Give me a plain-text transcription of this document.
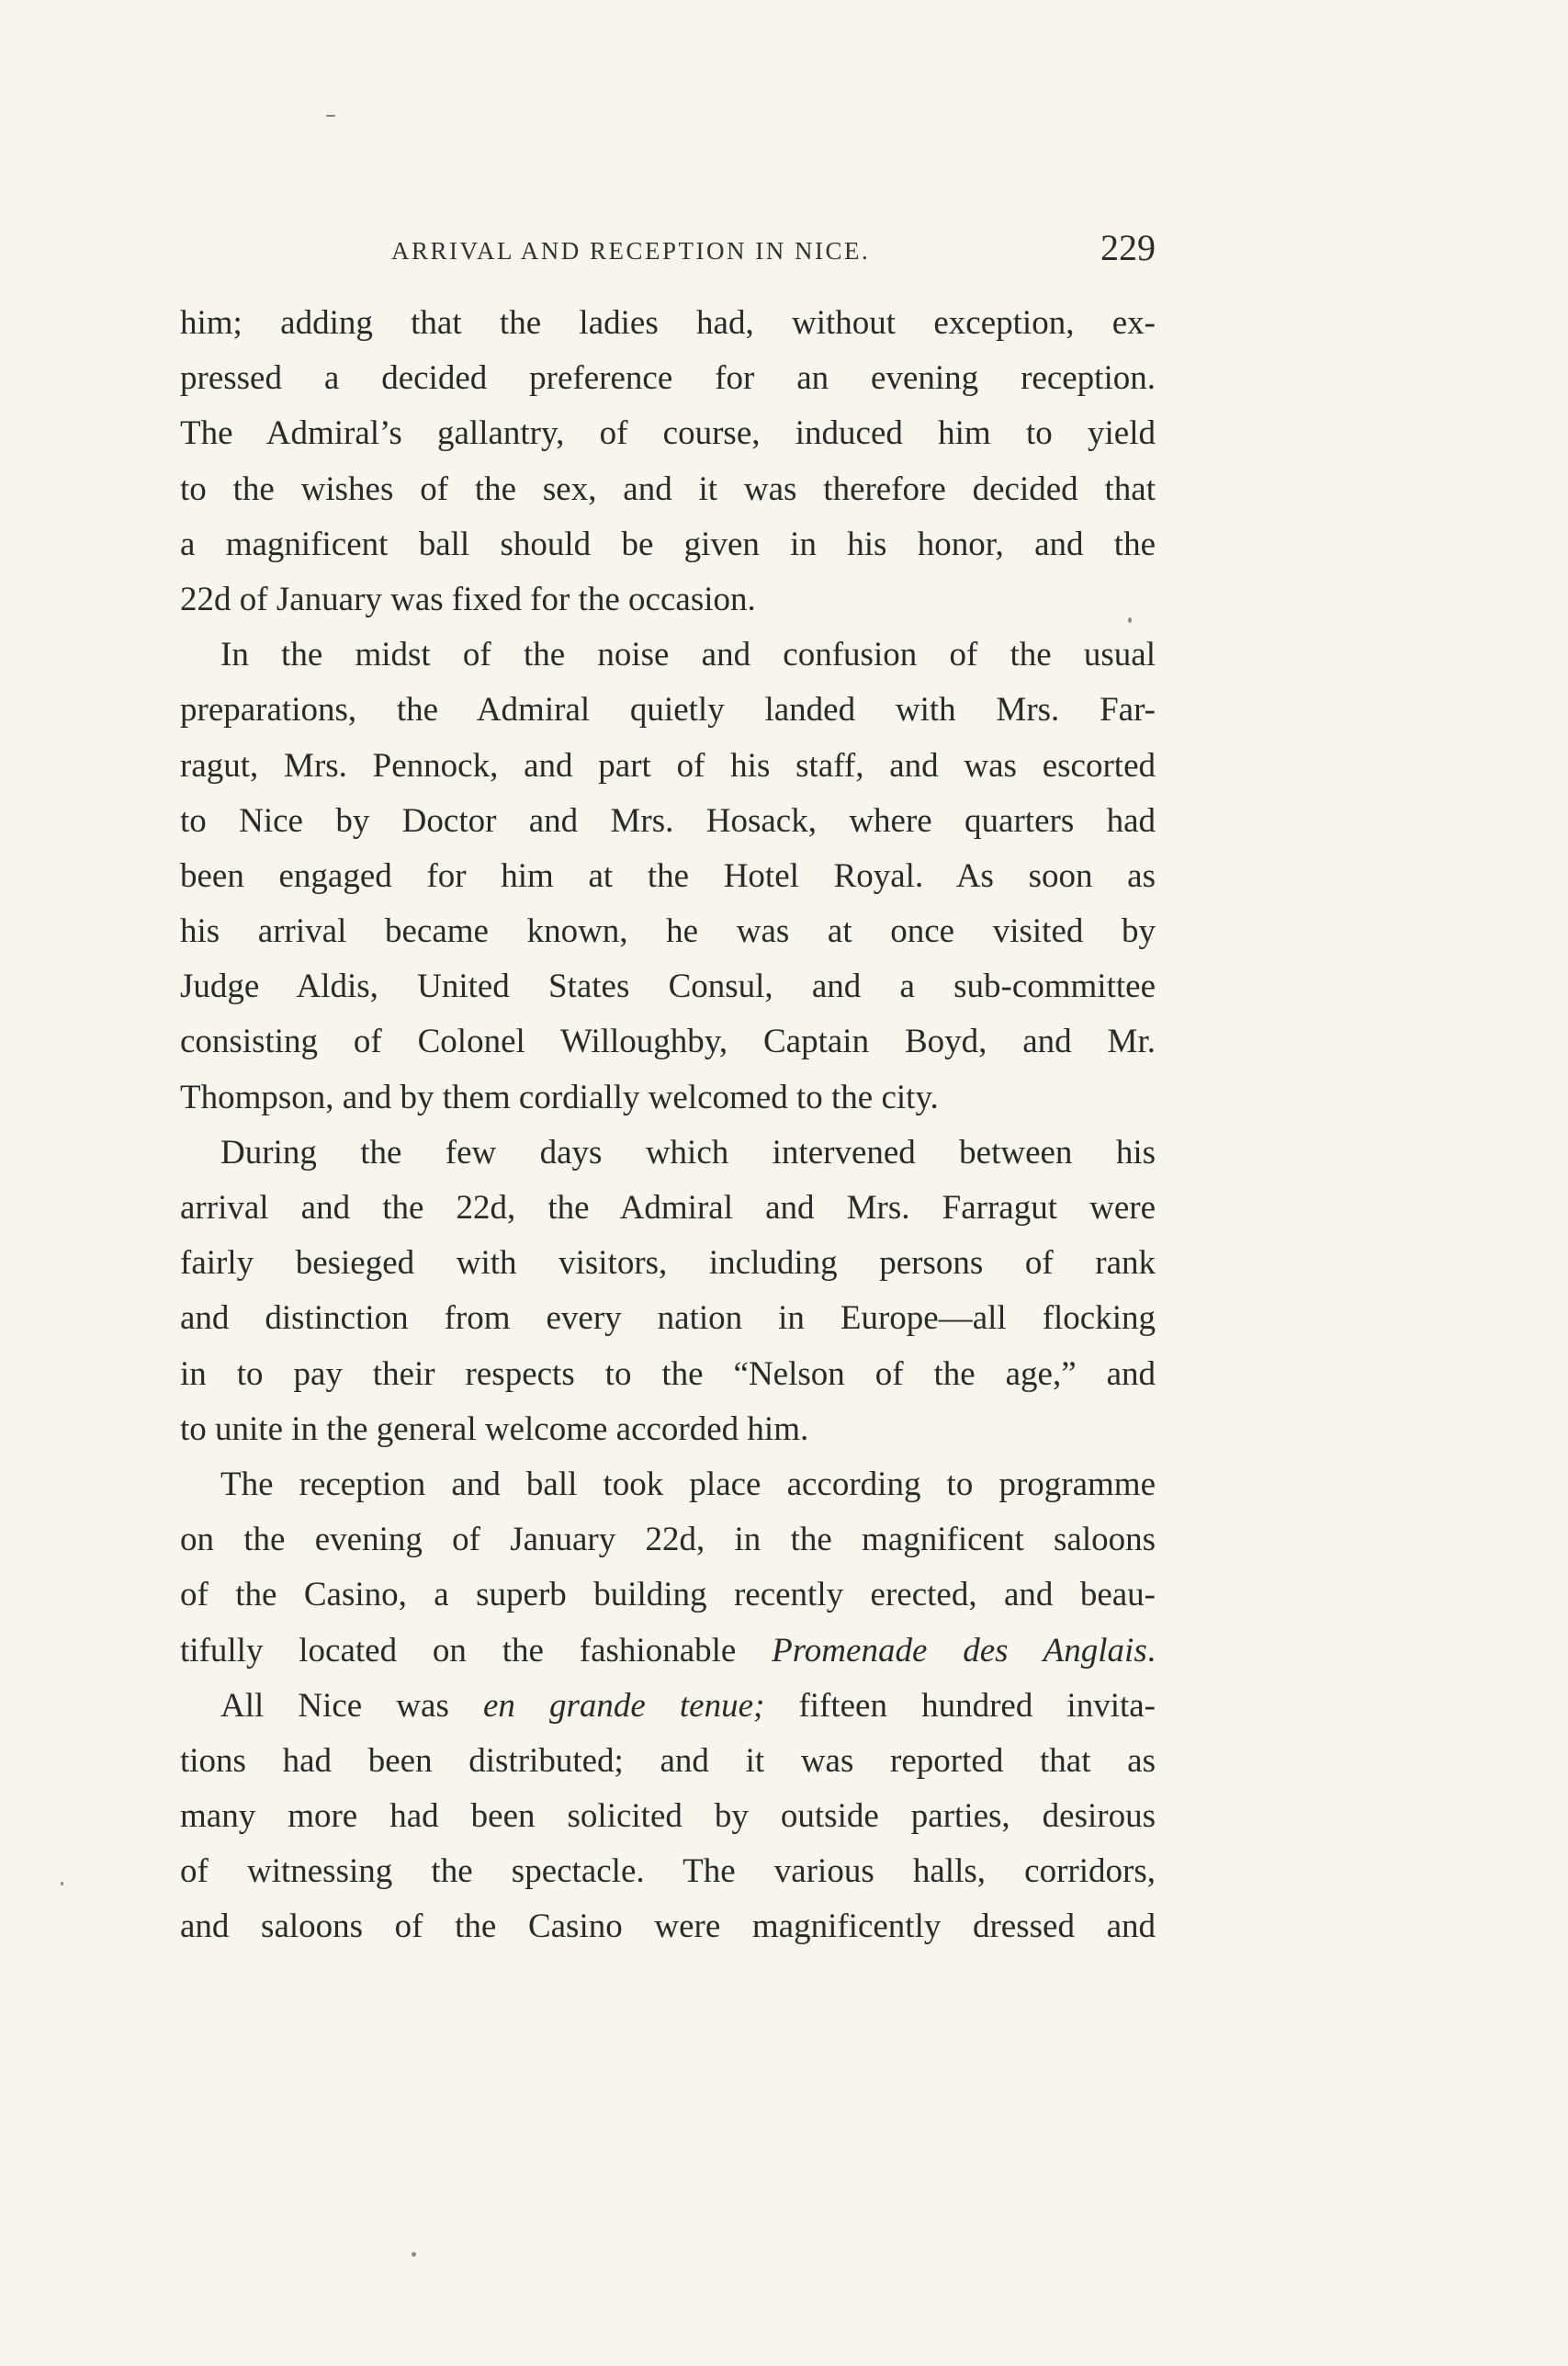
ARRIVAL AND RECEPTION IN NICE.	229
him; adding that the ladies had, without exception, ex-
pressed a decided preference for an evening reception.
The Admiral’s gallantry, of course, induced him to yield
to the wishes of the sex, and it was therefore decided that
a magnificent ball should be given in his honor, and the
22d of January was fixed for the occasion.
In the midst of the noise and confusion of the usual
preparations, the Admiral quietly landed with Mrs. Far-
ragut, Mrs. Pennock, and part of his staff, and was escorted
to Nice by Doctor and Mrs. Hosack, where quarters had
been engaged for him at the Hotel Royal. As soon as
his arrival became known, he was at once visited by
Judge Aldis, United States Consul, and a sub-committee
consisting of Colonel Willoughby, Captain Boyd, and Mr.
Thompson, and by them cordially welcomed to the city.
During the few days which intervened between his
arrival and the 22d, the Admiral and Mrs. Farragut were
fairly besieged with visitors, including persons of rank
and distinction from every nation in Europe—all flocking
in to pay their respects to the “Nelson of the age,” and
to unite in the general welcome accorded him.
The reception and ball took place according to programme
on the evening of January 22d, in the magnificent saloons
of the Casino, a superb building recently erected, and beau-
tifully located on the fashionable Promenade des Anglais.
All Nice was en grande tenue; fifteen hundred invita-
tions had been distributed; and it was reported that as
many more had been solicited by outside parties, desirous
of witnessing the spectacle. The various halls, corridors,
and saloons of the Casino were magnificently dressed and
